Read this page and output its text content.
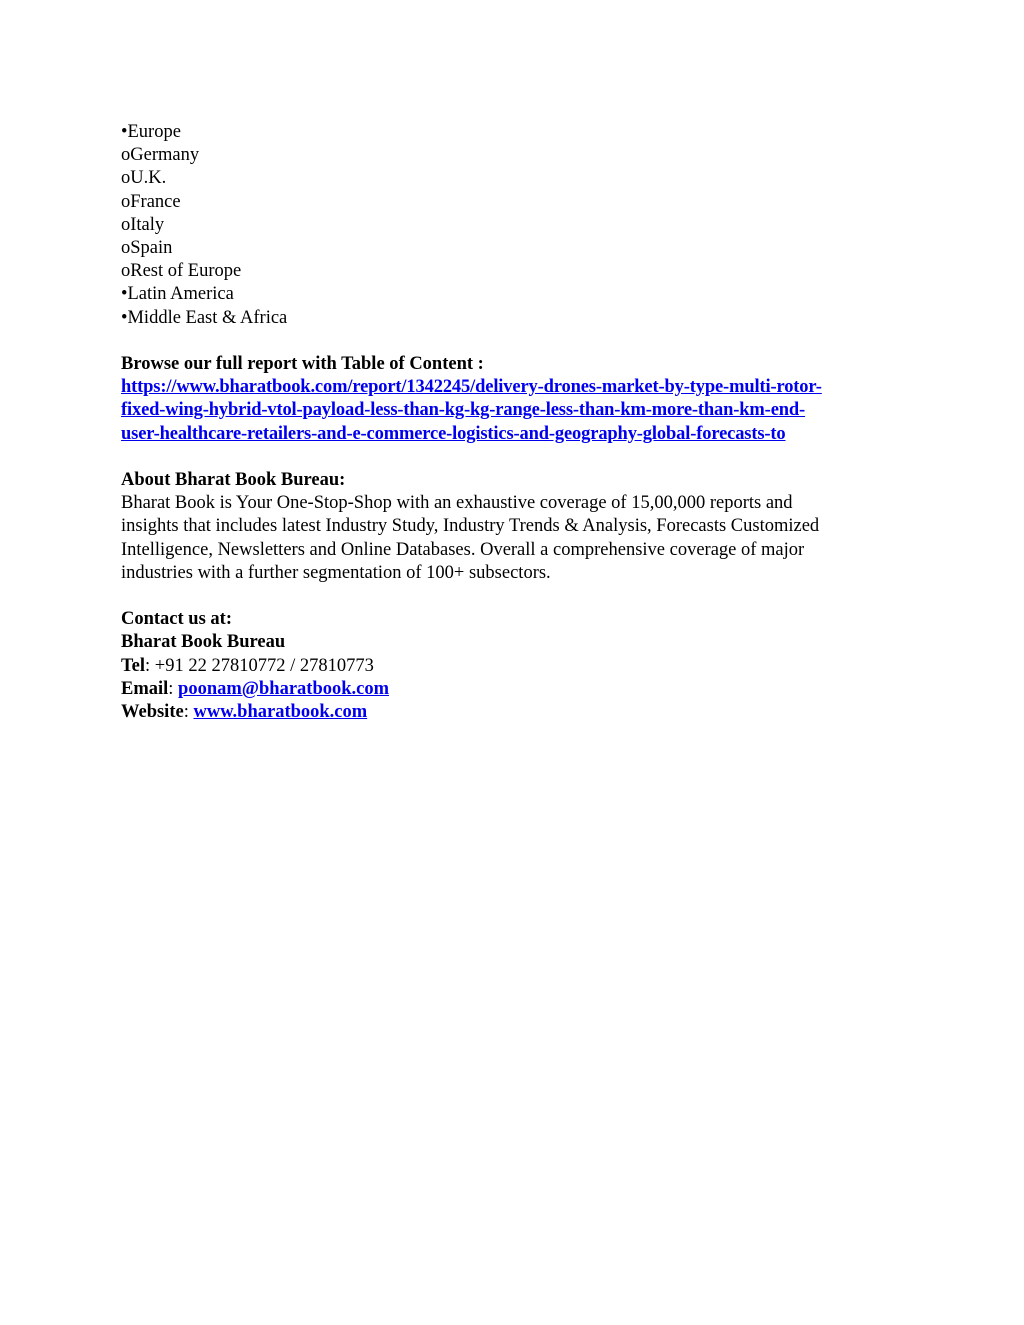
•Europe
oGermany
oU.K.
oFrance
oItaly
oSpain
oRest of Europe
•Latin America
•Middle East & Africa
Browse our full report with Table of Content :
https://www.bharatbook.com/report/1342245/delivery-drones-market-by-type-multi-rotor-
fixed-wing-hybrid-vtol-payload-less-than-kg-kg-range-less-than-km-more-than-km-end-
user-healthcare-retailers-and-e-commerce-logistics-and-geography-global-forecasts-to
About Bharat Book Bureau:
Bharat Book is Your One-Stop-Shop with an exhaustive coverage of 15,00,000 reports and
insights that includes latest Industry Study, Industry Trends & Analysis, Forecasts Customized
Intelligence, Newsletters and Online Databases. Overall a comprehensive coverage of major
industries with a further segmentation of 100+ subsectors.
Contact us at:
Bharat Book Bureau
Tel: +91 22 27810772 / 27810773
Email: poonam@bharatbook.com
Website: www.bharatbook.com
